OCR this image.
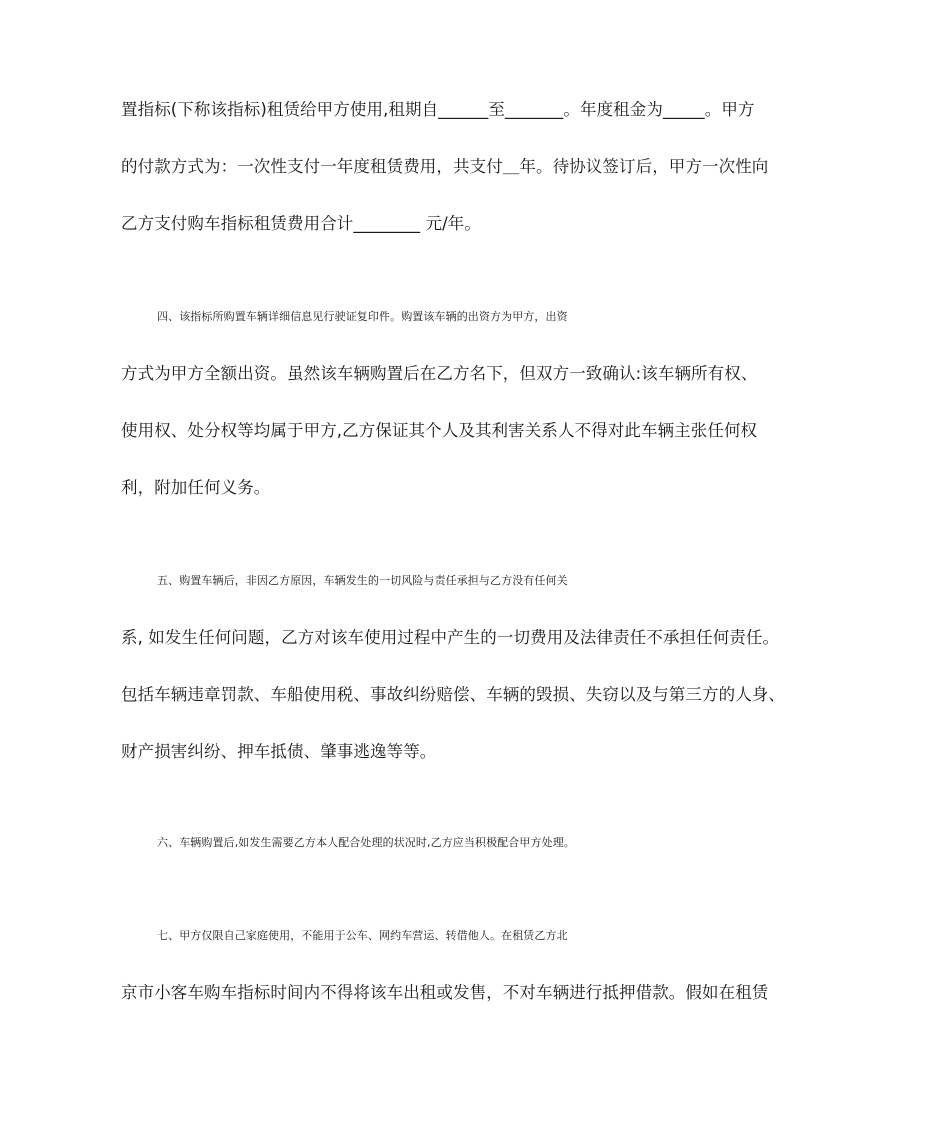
置指标(下称该指标)租赁给甲方使用,租期自______至_______。年度租金为_____。甲方
的付款方式为：一次性支付一年度租赁费用，共支付＿年。待协议签订后，甲方一次性向
乙方支付购车指标租赁费用合计________ 元/年。
四、该指标所购置车辆详细信息见行驶证复印件。购置该车辆的出资方为甲方，出资
方式为甲方全额出资。虽然该车辆购置后在乙方名下，但双方一致确认:该车辆所有权、
使用权、处分权等均属于甲方,乙方保证其个人及其利害关系人不得对此车辆主张任何权
利，附加任何义务。
五、购置车辆后，非因乙方原因，车辆发生的一切风险与责任承担与乙方没有任何关
系, 如发生任何问题，乙方对该车使用过程中产生的一切费用及法律责任不承担任何责任。
包括车辆违章罚款、车船使用税、事故纠纷赔偿、车辆的毁损、失窃以及与第三方的人身、
财产损害纠纷、押车抵债、肇事逃逸等等。
六、车辆购置后,如发生需要乙方本人配合处理的状况时,乙方应当积极配合甲方处理。
七、甲方仅限自己家庭使用，不能用于公车、网约车营运、转借他人。在租赁乙方北
京市小客车购车指标时间内不得将该车出租或发售，不对车辆进行抵押借款。假如在租赁
